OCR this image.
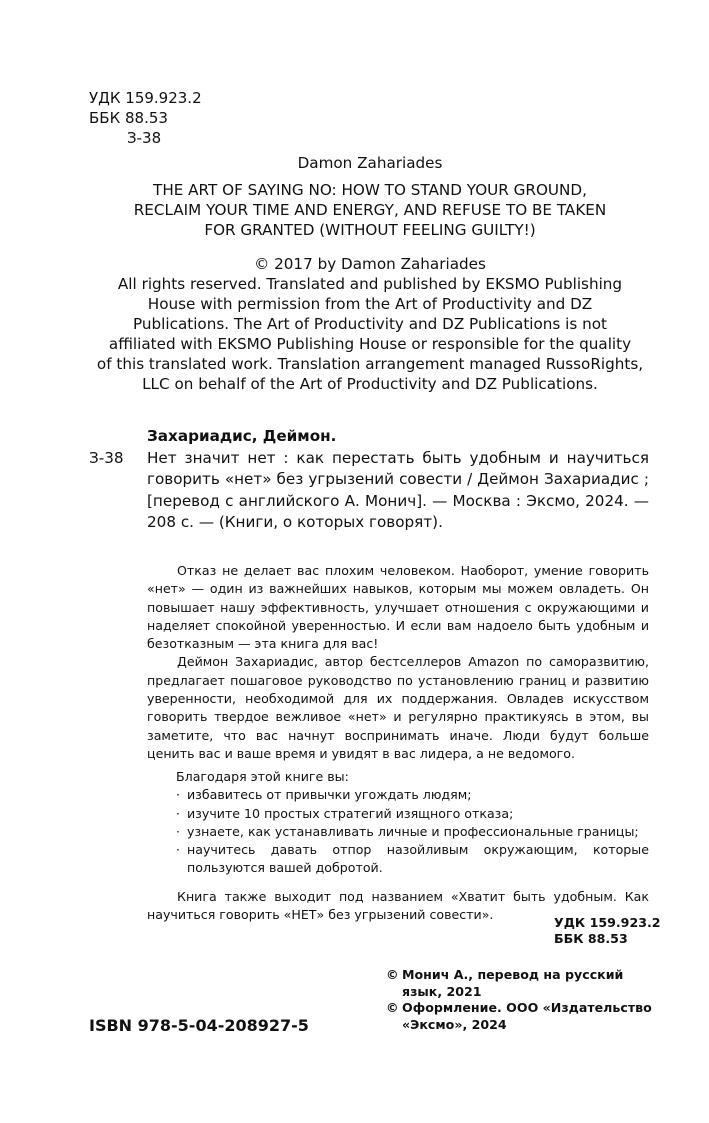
УДК 159.923.2
ББК 88.53
З-38
Damon Zahariades
THE ART OF SAYING NO: HOW TO STAND YOUR GROUND,
RECLAIM YOUR TIME AND ENERGY, AND REFUSE TO BE TAKEN
FOR GRANTED (WITHOUT FEELING GUILTY!)
© 2017 by Damon Zahariades
All rights reserved. Translated and published by EKSMO Publishing
House with permission from the Art of Productivity and DZ
Publications. The Art of Productivity and DZ Publications is not
affiliated with EKSMO Publishing House or responsible for the quality
of this translated work. Translation arrangement managed RussoRights,
LLC on behalf of the Art of Productivity and DZ Publications.
Захариадис, Деймон.
З-38	Нет значит нет : как перестать быть удобным и научиться говорить «нет» без угрызений совести / Деймон Захариадис ; [перевод с английского А. Монич]. — Москва : Эксмо, 2024. — 208 с. — (Книги, о которых говорят).

Отказ не делает вас плохим человеком. Наоборот, умение говорить «нет» — один из важнейших навыков, которым мы можем овладеть. Он повышает нашу эффективность, улучшает отношения с окружающими и наделяет спокойной уверенностью. И если вам надоело быть удобным и безотказным — эта книга для вас!

Деймон Захариадис, автор бестселлеров Amazon по саморазвитию, предлагает пошаговое руководство по установлению границ и развитию уверенности, необходимой для их поддержания. Овладев искусством говорить твердое вежливое «нет» и регулярно практикуясь в этом, вы заметите, что вас начнут воспринимать иначе. Люди будут больше ценить вас и ваше время и увидят в вас лидера, а не ведомого.

Благодаря этой книге вы:
· избавитесь от привычки угождать людям;
· изучите 10 простых стратегий изящного отказа;
· узнаете, как устанавливать личные и профессиональные границы;
· научитесь давать отпор назойливым окружающим, которые пользуются вашей добротой.

Книга также выходит под названием «Хватит быть удобным. Как научиться говорить «НЕТ» без угрызений совести».

УДК 159.923.2
ББК 88.53
© Монич А., перевод на русский язык, 2021
© Оформление. ООО «Издательство «Эксмо», 2024
ISBN 978-5-04-208927-5
